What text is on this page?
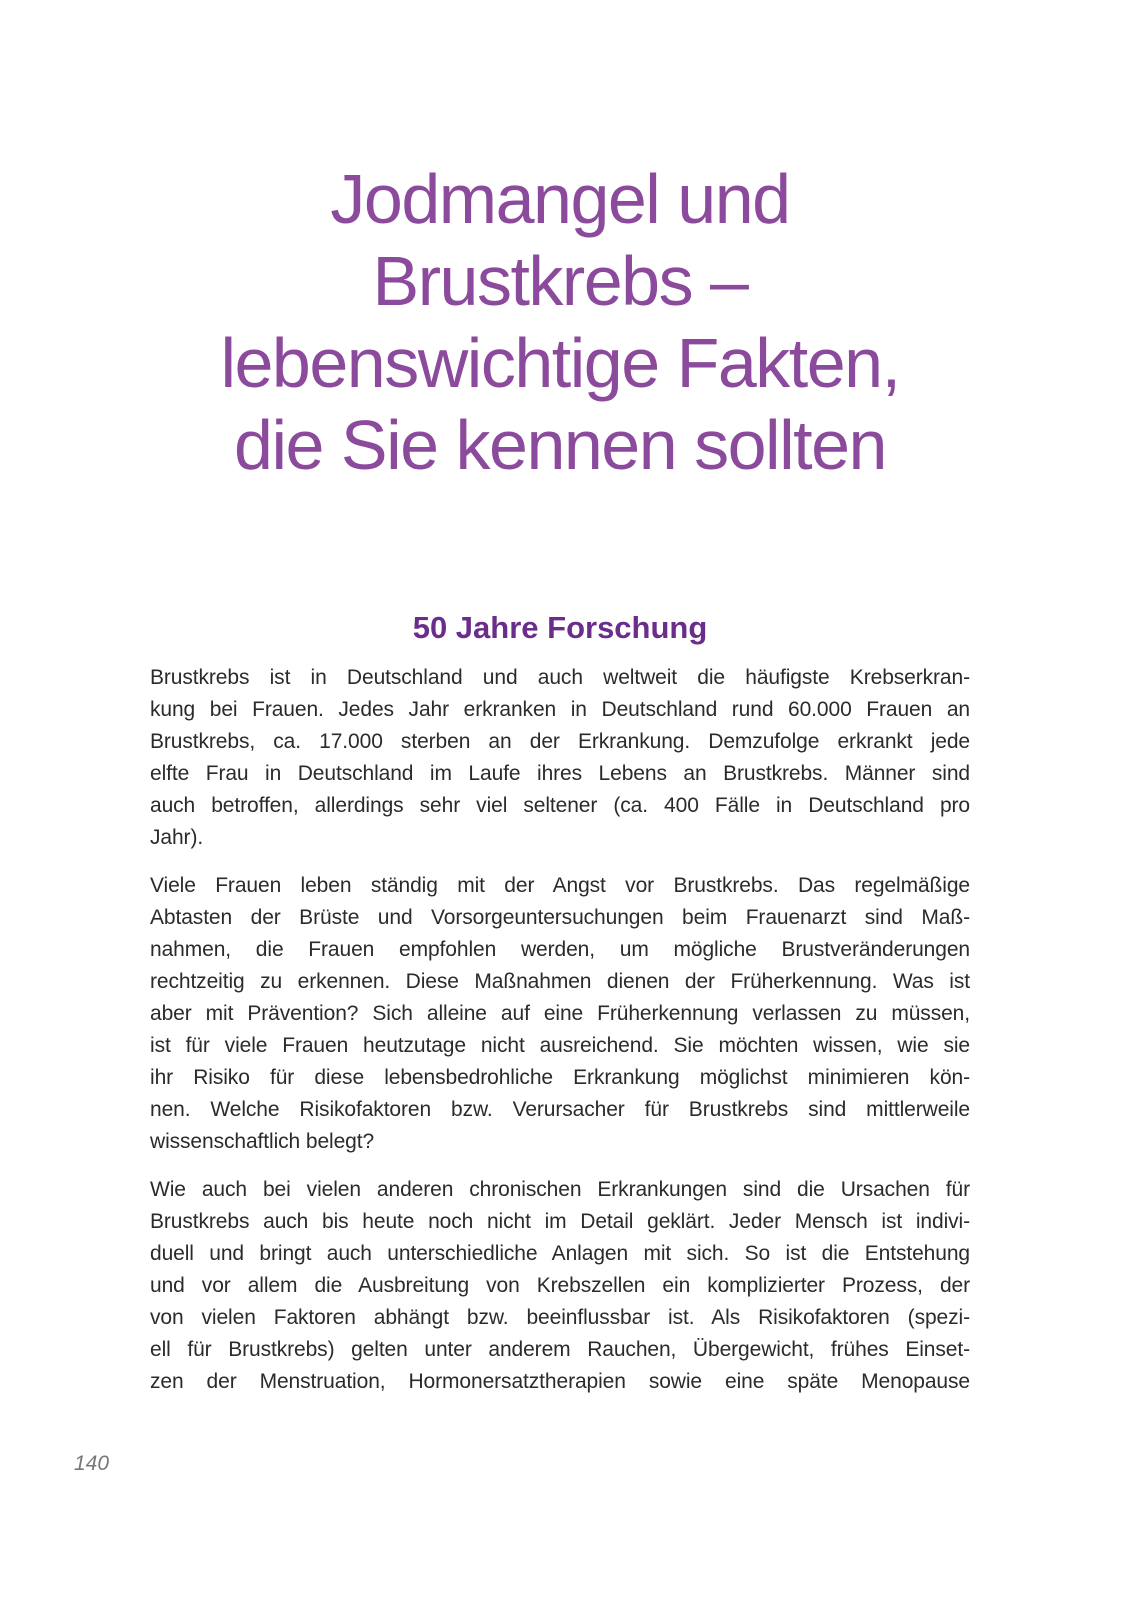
Jodmangel und
Brustkrebs –
lebenswichtige Fakten,
die Sie kennen sollten
50 Jahre Forschung

Brustkrebs ist in Deutschland und auch weltweit die häufigste Krebserkran-
kung bei Frauen. Jedes Jahr erkranken in Deutschland rund 60.000 Frauen an
Brustkrebs, ca. 17.000 sterben an der Erkrankung. Demzufolge erkrankt jede
elfte Frau in Deutschland im Laufe ihres Lebens an Brustkrebs. Männer sind
auch betroffen, allerdings sehr viel seltener (ca. 400 Fälle in Deutschland pro
Jahr).

Viele Frauen leben ständig mit der Angst vor Brustkrebs. Das regelmäßige
Abtasten der Brüste und Vorsorgeuntersuchungen beim Frauenarzt sind Maß-
nahmen, die Frauen empfohlen werden, um mögliche Brustveränderungen
rechtzeitig zu erkennen. Diese Maßnahmen dienen der Früherkennung. Was ist
aber mit Prävention? Sich alleine auf eine Früherkennung verlassen zu müssen,
ist für viele Frauen heutzutage nicht ausreichend. Sie möchten wissen, wie sie
ihr Risiko für diese lebensbedrohliche Erkrankung möglichst minimieren kön-
nen. Welche Risikofaktoren bzw. Verursacher für Brustkrebs sind mittlerweile
wissenschaftlich belegt?

Wie auch bei vielen anderen chronischen Erkrankungen sind die Ursachen für
Brustkrebs auch bis heute noch nicht im Detail geklärt. Jeder Mensch ist indivi-
duell und bringt auch unterschiedliche Anlagen mit sich. So ist die Entstehung
und vor allem die Ausbreitung von Krebszellen ein komplizierter Prozess, der
von vielen Faktoren abhängt bzw. beeinflussbar ist. Als Risikofaktoren (spezi-
ell für Brustkrebs) gelten unter anderem Rauchen, Übergewicht, frühes Einset-
zen der Menstruation, Hormonersatztherapien sowie eine späte Menopause

140
